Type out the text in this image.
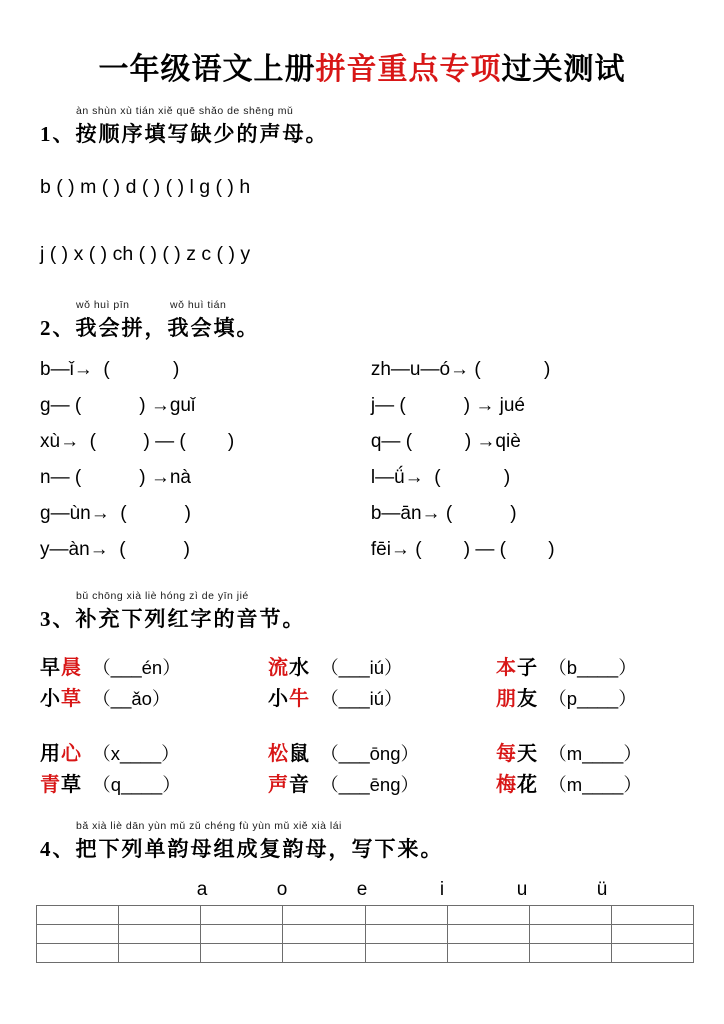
一年级语文上册拼音重点专项过关测试
àn shùn xù tián xiě quē shǎo de shēng mǔ
1、按顺序填写缺少的声母。
b ( ) m ( ) d ( ) ( ) l g ( ) h
j ( ) x ( ) ch ( ) ( ) z c ( ) y
wǒ huì pīn	wǒ huì tián
2、我会拼，我会填。
b—ǐ→  (            )	zh—u—ó→ (            )
g— (           ) →guǐ	j— (           ) → jué
xù→  (         ) — (        )	q— (          ) →qiè
n— (           ) →nà	l—ǘ→  (            )
g—ùn→  (           )	b—ān→ (           )
y—àn→  (           )	fēi→ (        ) — (        )
bǔ chōng xià liè hóng zì de yīn jié
3、补充下列红字的音节。
早晨  （___én）	流水  （___iú）	本子  （b____）
小草  （__ǎo）	小牛  （___iú）	朋友  （p____）
用心  （x____）	松鼠  （___ōng）	每天  （m____）
青草  （q____）	声音  （___ēng）	梅花  （m____）
bǎ xià liè dān yùn mǔ zǔ chéng fù yùn mǔ xiě xià lái
4、把下列单韵母组成复韵母，写下来。
a	o	e	i	u	ü
